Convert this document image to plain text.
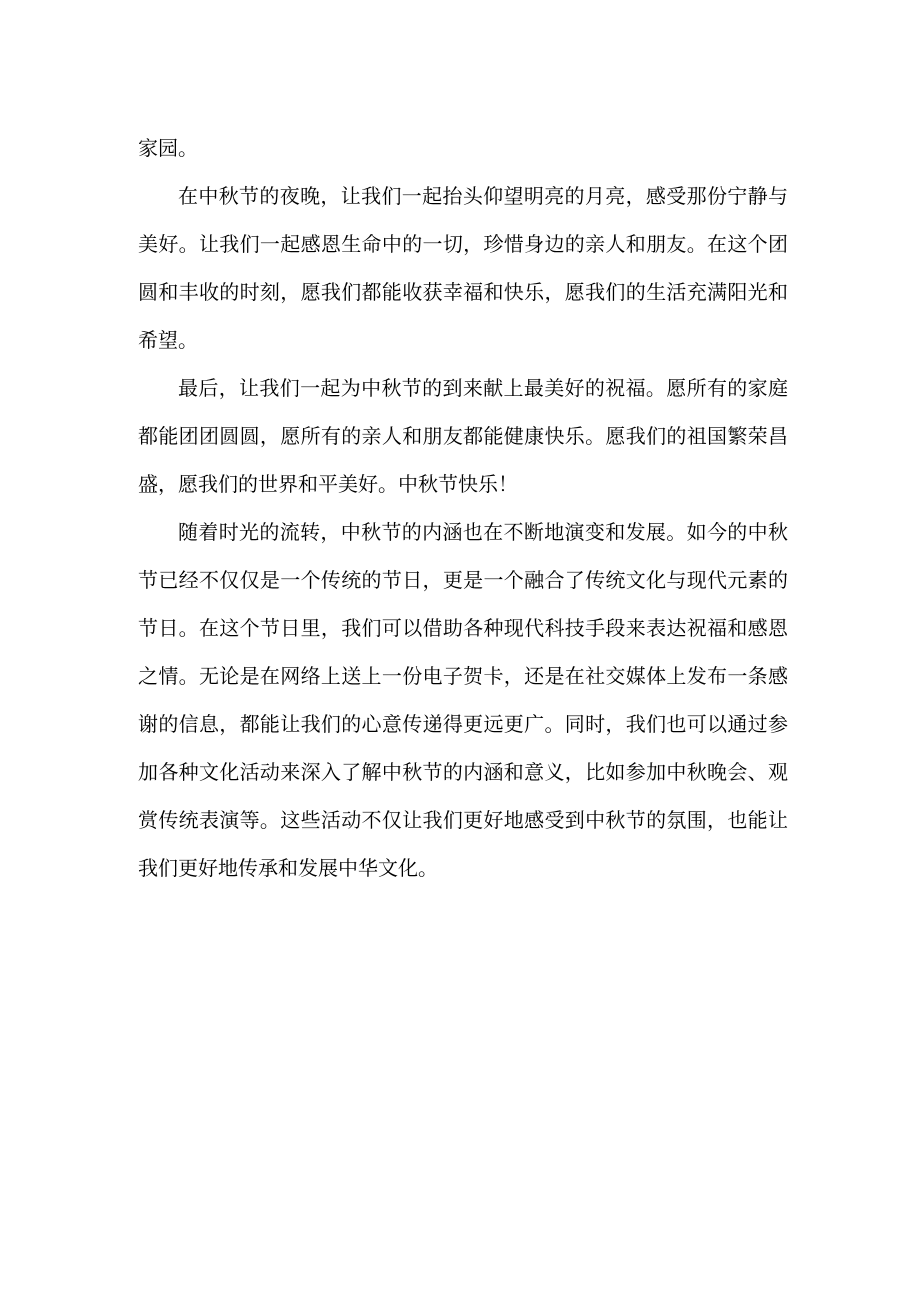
家园。

在中秋节的夜晚，让我们一起抬头仰望明亮的月亮，感受那份宁静与美好。让我们一起感恩生命中的一切，珍惜身边的亲人和朋友。在这个团圆和丰收的时刻，愿我们都能收获幸福和快乐，愿我们的生活充满阳光和希望。

最后，让我们一起为中秋节的到来献上最美好的祝福。愿所有的家庭都能团团圆圆，愿所有的亲人和朋友都能健康快乐。愿我们的祖国繁荣昌盛，愿我们的世界和平美好。中秋节快乐！

随着时光的流转，中秋节的内涵也在不断地演变和发展。如今的中秋节已经不仅仅是一个传统的节日，更是一个融合了传统文化与现代元素的节日。在这个节日里，我们可以借助各种现代科技手段来表达祝福和感恩之情。无论是在网络上送上一份电子贺卡，还是在社交媒体上发布一条感谢的信息，都能让我们的心意传递得更远更广。同时，我们也可以通过参加各种文化活动来深入了解中秋节的内涵和意义，比如参加中秋晚会、观赏传统表演等。这些活动不仅让我们更好地感受到中秋节的氛围，也能让我们更好地传承和发展中华文化。
